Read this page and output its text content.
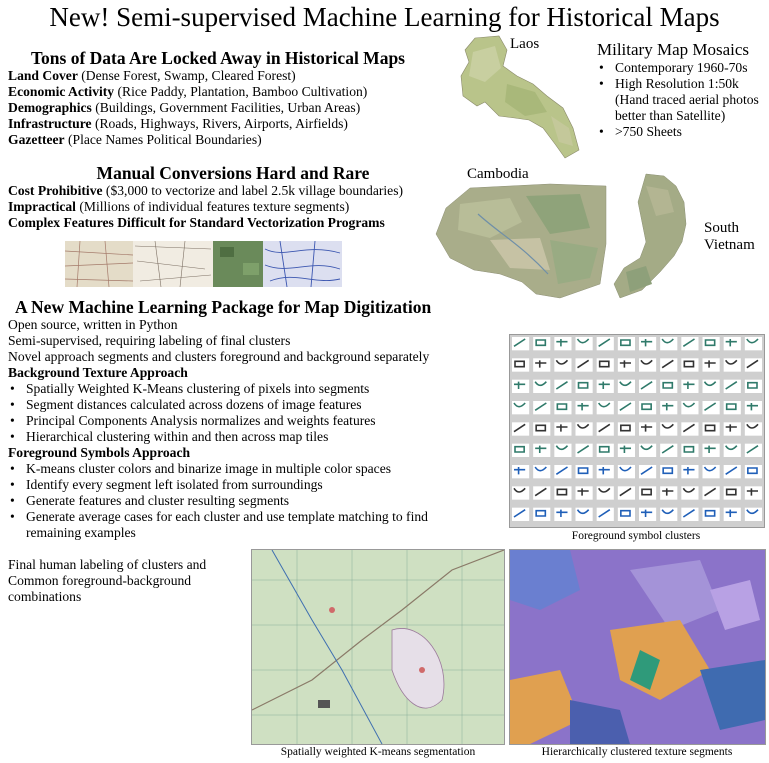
New! Semi-supervised Machine Learning for Historical Maps
Tons of Data Are Locked Away in Historical Maps
Land Cover (Dense Forest, Swamp, Cleared Forest)
Economic Activity (Rice Paddy, Plantation, Bamboo Cultivation)
Demographics (Buildings, Government Facilities, Urban Areas)
Infrastructure (Roads, Highways, Rivers, Airports, Airfields)
Gazetteer (Place Names Political Boundaries)
Manual Conversions Hard and Rare
Cost Prohibitive ($3,000 to vectorize and label 2.5k village boundaries)
Impractical (Millions of individual features texture segments)
Complex Features Difficult for Standard Vectorization Programs
A New Machine Learning Package for Map Digitization
Open source, written in Python
Semi-supervised, requiring labeling of final clusters
Novel approach segments and clusters foreground and background separately
Background Texture Approach
• Spatially Weighted K-Means clustering of pixels into segments
• Segment distances calculated across dozens of image features
• Principal Components Analysis normalizes and weights features
• Hierarchical clustering within and then across map tiles
Foreground Symbols Approach
• K-means cluster colors and binarize image in multiple color spaces
• Identify every segment left isolated from surroundings
• Generate features and cluster resulting segments
• Generate average cases for each cluster and use template matching to find remaining examples
Final human labeling of clusters and Common foreground-background combinations
Laos	Military Map Mosaics
• Contemporary 1960-70s
• High Resolution 1:50k (Hand traced aerial photos better than Satellite)
• >750 Sheets
Cambodia
South Vietnam
Foreground symbol clusters
Spatially weighted K-means segmentation	Hierarchically clustered texture segments
